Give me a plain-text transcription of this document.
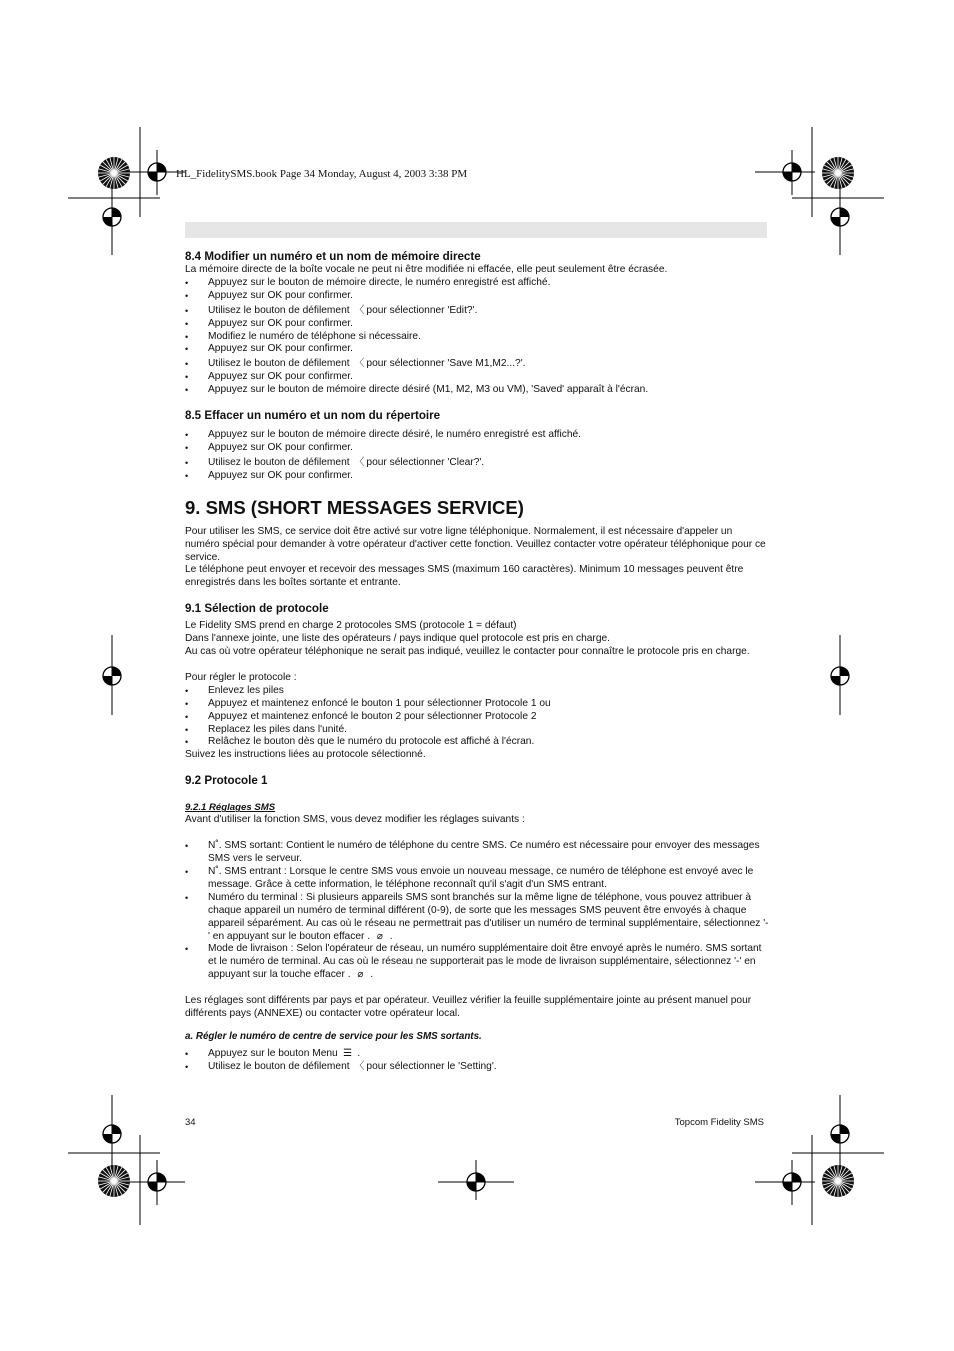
HL_FidelitySMS.book Page 34 Monday, August 4, 2003 3:38 PM

8.4 Modifier un numéro et un nom de mémoire directe

La mémoire directe de la boîte vocale ne peut ni être modifiée ni effacée, elle peut seulement être écrasée.

• Appuyez sur le bouton de mémoire directe, le numéro enregistré est affiché.
• Appuyez sur OK pour confirmer.
• Utilisez le bouton de défilement 〈 pour sélectionner 'Edit?'.
• Appuyez sur OK pour confirmer.
• Modifiez le numéro de téléphone si nécessaire.
• Appuyez sur OK pour confirmer.
• Utilisez le bouton de défilement 〈 pour sélectionner 'Save M1,M2...?'.
• Appuyez sur OK pour confirmer.
• Appuyez sur le bouton de mémoire directe désiré (M1, M2, M3 ou VM), 'Saved' apparaît à l'écran.

8.5 Effacer un numéro et un nom du répertoire

• Appuyez sur le bouton de mémoire directe désiré, le numéro enregistré est affiché.
• Appuyez sur OK pour confirmer.
• Utilisez le bouton de défilement 〈 pour sélectionner 'Clear?'.
• Appuyez sur OK pour confirmer.

9. SMS (SHORT MESSAGES SERVICE)

Pour utiliser les SMS, ce service doit être activé sur votre ligne téléphonique. Normalement, il est nécessaire d'appeler un numéro spécial pour demander à votre opérateur d'activer cette fonction. Veuillez contacter votre opérateur téléphonique pour ce service.

Le téléphone peut envoyer et recevoir des messages SMS (maximum 160 caractères). Minimum 10 messages peuvent être enregistrés dans les boîtes sortante et entrante.

9.1 Sélection de protocole

Le Fidelity SMS prend en charge 2 protocoles SMS (protocole 1 = défaut)

Dans l'annexe jointe, une liste des opérateurs / pays indique quel protocole est pris en charge.

Au cas où votre opérateur téléphonique ne serait pas indiqué, veuillez le contacter pour connaître le protocole pris en charge.

Pour régler le protocole :

• Enlevez les piles
• Appuyez et maintenez enfoncé le bouton 1 pour sélectionner Protocole 1 ou
• Appuyez et maintenez enfoncé le bouton 2 pour sélectionner Protocole 2
• Replacez les piles dans l'unité.
• Relâchez le bouton dès que le numéro du protocole est affiché à l'écran.

Suivez les instructions liées au protocole sélectionné.

9.2 Protocole 1

9.2.1 Réglages SMS

Avant d'utiliser la fonction SMS, vous devez modifier les réglages suivants :

• N˚. SMS sortant: Contient le numéro de téléphone du centre SMS. Ce numéro est nécessaire pour envoyer des messages SMS vers le serveur.
• N˚. SMS entrant : Lorsque le centre SMS vous envoie un nouveau message, ce numéro de téléphone est envoyé avec le message. Grâce à cette information, le téléphone reconnaît qu'il s'agit d'un SMS entrant.
• Numéro du terminal : Si plusieurs appareils SMS sont branchés sur la même ligne de téléphone, vous pouvez attribuer à chaque appareil un numéro de terminal différent (0-9), de sorte que les messages SMS peuvent être envoyés à chaque appareil séparément. Au cas où le réseau ne permettrait pas d'utiliser un numéro de terminal supplémentaire, sélectionnez '-' en appuyant sur le bouton effacer . ⌀ .
• Mode de livraison : Selon l'opérateur de réseau, un numéro supplémentaire doit être envoyé après le numéro. SMS sortant et le numéro de terminal. Au cas où le réseau ne supporterait pas le mode de livraison supplémentaire, sélectionnez '-' en appuyant sur la touche effacer . ⌀ .

Les réglages sont différents par pays et par opérateur. Veuillez vérifier la feuille supplémentaire jointe au présent manuel pour différents pays (ANNEXE) ou contacter votre opérateur local.

a. Régler le numéro de centre de service pour les SMS sortants.

• Appuyez sur le bouton Menu ☰ .
• Utilisez le bouton de défilement 〈 pour sélectionner le 'Setting'.
34	Topcom Fidelity SMS
